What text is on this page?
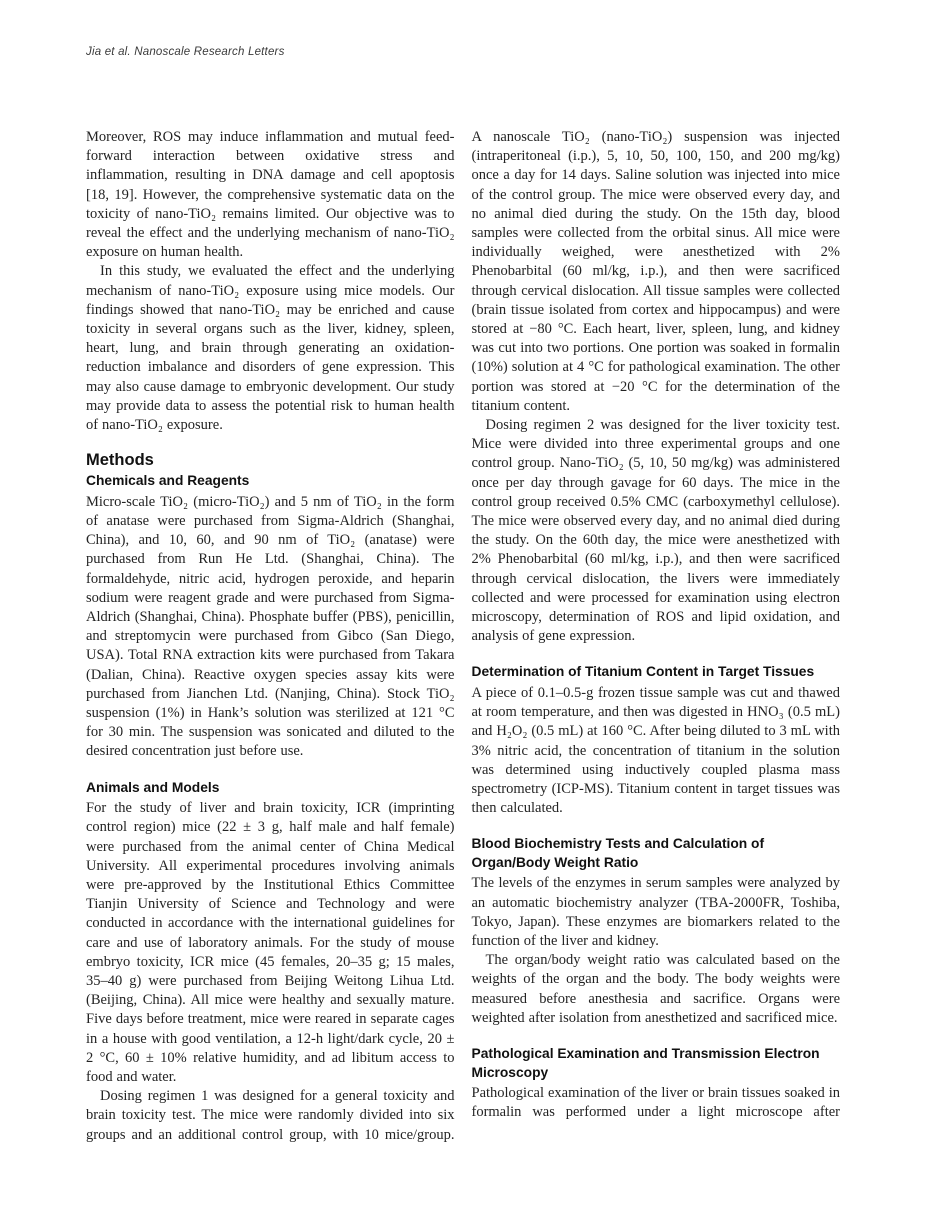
Jia et al. Nanoscale Research Letters

Moreover, ROS may induce inflammation and mutual feed-forward interaction between oxidative stress and inflammation, resulting in DNA damage and cell apoptosis [18, 19]. However, the comprehensive systematic data on the toxicity of nano-TiO₂ remains limited. Our objective was to reveal the effect and the underlying mechanism of nano-TiO₂ exposure on human health.

In this study, we evaluated the effect and the underlying mechanism of nano-TiO₂ exposure using mice models. Our findings showed that nano-TiO₂ may be enriched and cause toxicity in several organs such as the liver, kidney, spleen, heart, lung, and brain through generating an oxidation-reduction imbalance and disorders of gene expression. This may also cause damage to embryonic development. Our study may provide data to assess the potential risk to human health of nano-TiO₂ exposure.

Methods
Chemicals and Reagents

Micro-scale TiO₂ (micro-TiO₂) and 5 nm of TiO₂ in the form of anatase were purchased from Sigma-Aldrich (Shanghai, China), and 10, 60, and 90 nm of TiO₂ (anatase) were purchased from Run He Ltd. (Shanghai, China). The formaldehyde, nitric acid, hydrogen peroxide, and heparin sodium were reagent grade and were purchased from Sigma-Aldrich (Shanghai, China). Phosphate buffer (PBS), penicillin, and streptomycin were purchased from Gibco (San Diego, USA). Total RNA extraction kits were purchased from Takara (Dalian, China). Reactive oxygen species assay kits were purchased from Jianchen Ltd. (Nanjing, China). Stock TiO₂ suspension (1%) in Hank’s solution was sterilized at 121 °C for 30 min. The suspension was sonicated and diluted to the desired concentration just before use.

Animals and Models

For the study of liver and brain toxicity, ICR (imprinting control region) mice (22 ± 3 g, half male and half female) were purchased from the animal center of China Medical University. All experimental procedures involving animals were pre-approved by the Institutional Ethics Committee Tianjin University of Science and Technology and were conducted in accordance with the international guidelines for care and use of laboratory animals. For the study of mouse embryo toxicity, ICR mice (45 females, 20–35 g; 15 males, 35–40 g) were purchased from Beijing Weitong Lihua Ltd. (Beijing, China). All mice were healthy and sexually mature. Five days before treatment, mice were reared in separate cages in a house with good ventilation, a 12-h light/dark cycle, 20 ± 2 °C, 60 ± 10% relative humidity, and ad libitum access to food and water.

Dosing regimen 1 was designed for a general toxicity and brain toxicity test. The mice were randomly divided into six groups and an additional control group, with 10 mice/group.

A nanoscale TiO₂ (nano-TiO₂) suspension was injected (intraperitoneal (i.p.), 5, 10, 50, 100, 150, and 200 mg/kg) once a day for 14 days. Saline solution was injected into mice of the control group. The mice were observed every day, and no animal died during the study. On the 15th day, blood samples were collected from the orbital sinus. All mice were individually weighed, were anesthetized with 2% Phenobarbital (60 ml/kg, i.p.), and then were sacrificed through cervical dislocation. All tissue samples were collected (brain tissue isolated from cortex and hippocampus) and were stored at −80 °C. Each heart, liver, spleen, lung, and kidney was cut into two portions. One portion was soaked in formalin (10%) solution at 4 °C for pathological examination. The other portion was stored at −20 °C for the determination of the titanium content.

Dosing regimen 2 was designed for the liver toxicity test. Mice were divided into three experimental groups and one control group. Nano-TiO₂ (5, 10, 50 mg/kg) was administered once per day through gavage for 60 days. The mice in the control group received 0.5% CMC (carboxymethyl cellulose). The mice were observed every day, and no animal died during the study. On the 60th day, the mice were anesthetized with 2% Phenobarbital (60 ml/kg, i.p.), and then were sacrificed through cervical dislocation, the livers were immediately collected and were processed for examination using electron microscopy, determination of ROS and lipid oxidation, and analysis of gene expression.

Determination of Titanium Content in Target Tissues

A piece of 0.1–0.5-g frozen tissue sample was cut and thawed at room temperature, and then was digested in HNO₃ (0.5 mL) and H₂O₂ (0.5 mL) at 160 °C. After being diluted to 3 mL with 3% nitric acid, the concentration of titanium in the solution was determined using inductively coupled plasma mass spectrometry (ICP-MS). Titanium content in target tissues was then calculated.

Blood Biochemistry Tests and Calculation of Organ/Body Weight Ratio

The levels of the enzymes in serum samples were analyzed by an automatic biochemistry analyzer (TBA-2000FR, Toshiba, Tokyo, Japan). These enzymes are biomarkers related to the function of the liver and kidney.

The organ/body weight ratio was calculated based on the weights of the organ and the body. The body weights were measured before anesthesia and sacrifice. Organs were weighted after isolation from anesthetized and sacrificed mice.

Pathological Examination and Transmission Electron Microscopy

Pathological examination of the liver or brain tissues soaked in formalin was performed under a light microscope after
